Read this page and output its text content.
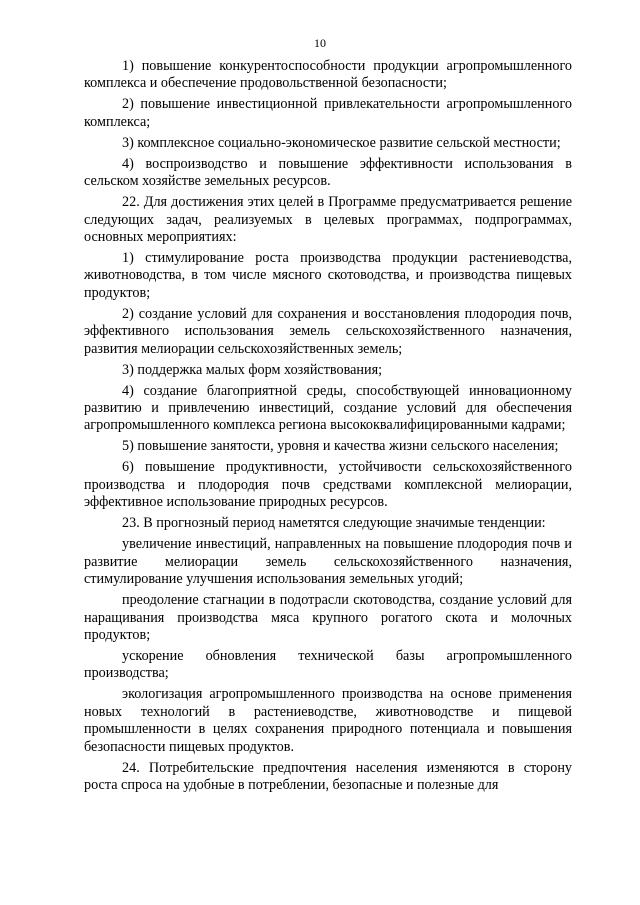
10

1) повышение конкурентоспособности продукции агропромышленного комплекса и обеспечение продовольственной безопасности;

2) повышение инвестиционной привлекательности агропромышленного комплекса;

3) комплексное социально-экономическое развитие сельской местности;

4) воспроизводство и повышение эффективности использования в сельском хозяйстве земельных ресурсов.

22. Для достижения этих целей в Программе предусматривается решение следующих задач, реализуемых в целевых программах, подпрограммах, основных мероприятиях:

1) стимулирование роста производства продукции растениеводства, животноводства, в том числе мясного скотоводства, и производства пищевых продуктов;

2) создание условий для сохранения и восстановления плодородия почв, эффективного использования земель сельскохозяйственного назначения, развития мелиорации сельскохозяйственных земель;

3) поддержка малых форм хозяйствования;

4) создание благоприятной среды, способствующей инновационному развитию и привлечению инвестиций, создание условий для обеспечения агропромышленного комплекса региона высококвалифицированными кадрами;

5) повышение занятости, уровня и качества жизни сельского населения;

6) повышение продуктивности, устойчивости сельскохозяйственного производства и плодородия почв средствами комплексной мелиорации, эффективное использование природных ресурсов.

23. В прогнозный период наметятся следующие значимые тенденции:

увеличение инвестиций, направленных на повышение плодородия почв и развитие мелиорации земель сельскохозяйственного назначения, стимулирование улучшения использования земельных угодий;

преодоление стагнации в подотрасли скотоводства, создание условий для наращивания производства мяса крупного рогатого скота и молочных продуктов;

ускорение обновления технической базы агропромышленного производства;

экологизация агропромышленного производства на основе применения новых технологий в растениеводстве, животноводстве и пищевой промышленности в целях сохранения природного потенциала и повышения безопасности пищевых продуктов.

24. Потребительские предпочтения населения изменяются в сторону роста спроса на удобные в потреблении, безопасные и полезные для
